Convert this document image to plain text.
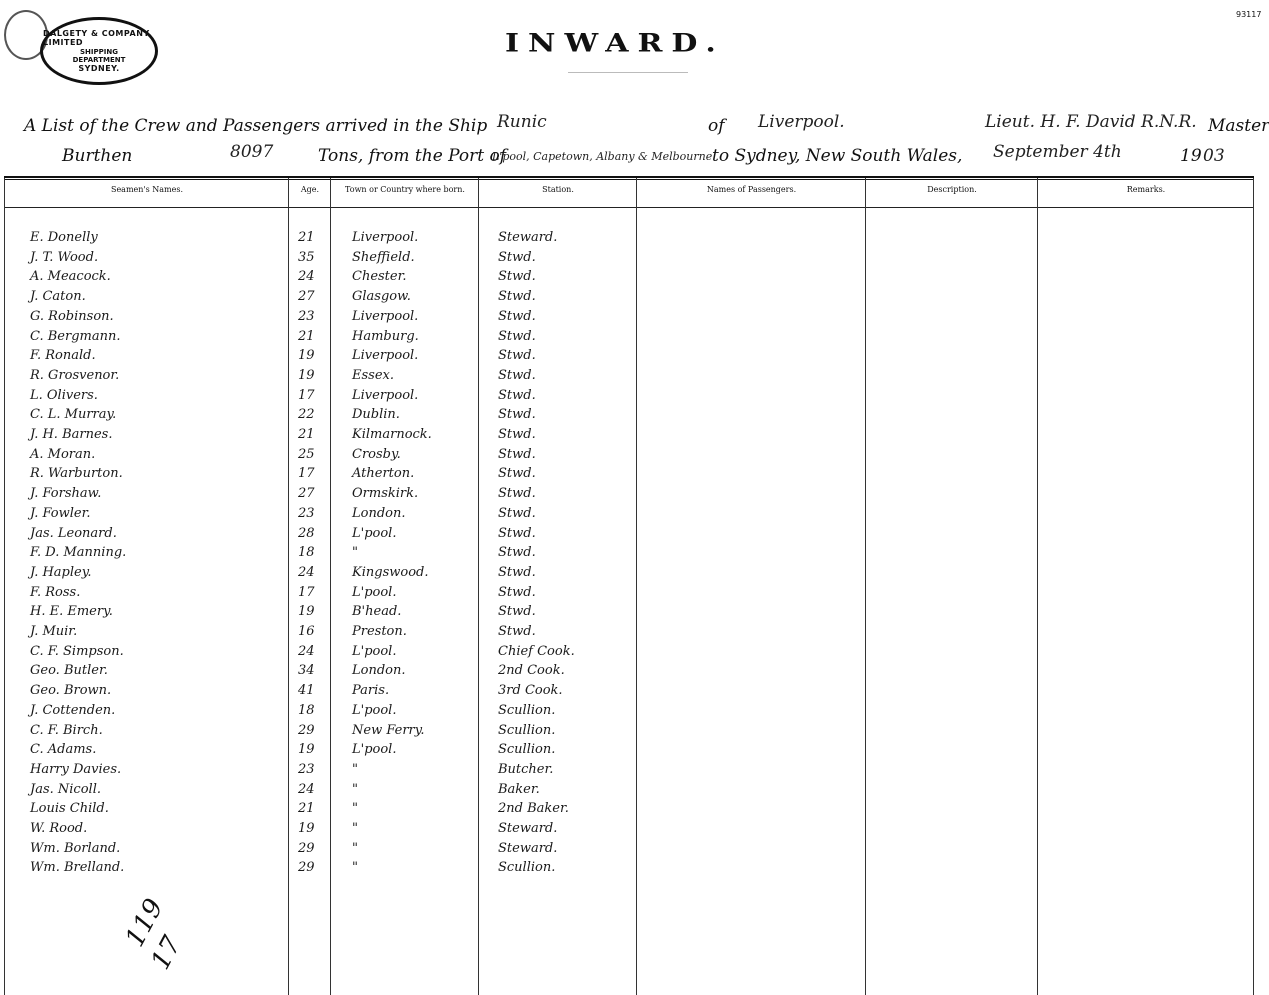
DALGETY & COMPANY, LIMITED
SHIPPING
DEPARTMENT
SYDNEY.
93117
INWARD.
A List of the Crew and Passengers arrived in the Ship Runic	of Liverpool.	Lieut. H. F. David R.N.R. Master
Burthen	8097	Tons, from the Port of
L'pool, Capetown, Albany & Melbourne to Sydney, New South Wales, September 4th	19 03
Seamen's Names.	Age.	Town or Country where born.	Station.	Names of Passengers.	Description.	Remarks.
E. Donelly	21	Liverpool.	Steward.
J. T. Wood.	35	Sheffield.	Stwd.
A. Meacock.	24	Chester.	Stwd.
J. Caton.	27	Glasgow.	Stwd.
G. Robinson.	23	Liverpool.	Stwd.
C. Bergmann.	21	Hamburg.	Stwd.
F. Ronald.	19	Liverpool.	Stwd.
R. Grosvenor.	19	Essex.	Stwd.
L. Olivers.	17	Liverpool.	Stwd.
C. L. Murray.	22	Dublin.	Stwd.
J. H. Barnes.	21	Kilmarnock.	Stwd.
A. Moran.	25	Crosby.	Stwd.
R. Warburton.	17	Atherton.	Stwd.
J. Forshaw.	27	Ormskirk.	Stwd.
J. Fowler.	23	London.	Stwd.
Jas. Leonard.	28	L'pool.	Stwd.
F. D. Manning.	18	"	Stwd.
J. Hapley.	24	Kingswood.	Stwd.
F. Ross.	17	L'pool.	Stwd.
H. E. Emery.	19	B'head.	Stwd.
J. Muir.	16	Preston.	Stwd.
C. F. Simpson.	24	L'pool.	Chief Cook.
Geo. Butler.	34	London.	2nd Cook.
Geo. Brown.	41	Paris.	3rd Cook.
J. Cottenden.	18	L'pool.	Scullion.
C. F. Birch.	29	New Ferry.	Scullion.
C. Adams.	19	L'pool.	Scullion.
Harry Davies.	23	"	Butcher.
Jas. Nicoll.	24	"	Baker.
Louis Child.	21	"	2nd Baker.
W. Rood.	19	"	Steward.
Wm. Borland.	29	"	Steward.
Wm. Brelland.	29	"	Scullion.
119
17
